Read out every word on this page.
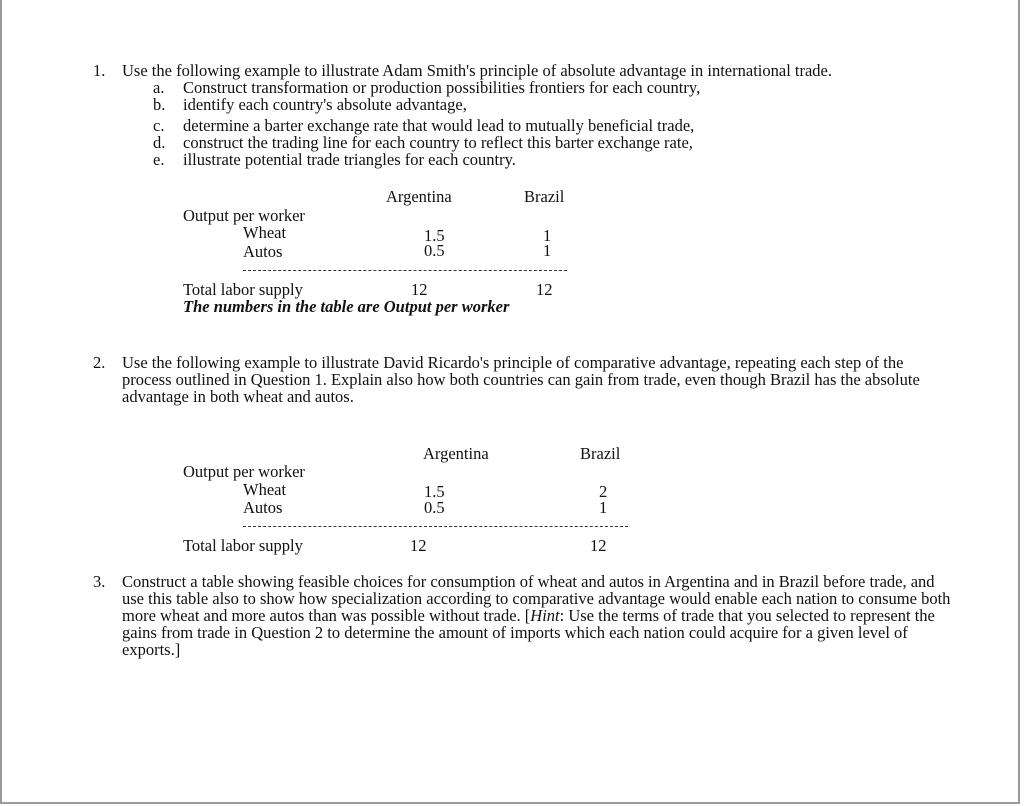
1. Use the following example to illustrate Adam Smith's principle of absolute advantage in international trade.
a. Construct transformation or production possibilities frontiers for each country,
b. identify each country's absolute advantage,
c. determine a barter exchange rate that would lead to mutually beneficial trade,
d. construct the trading line for each country to reflect this barter exchange rate,
e. illustrate potential trade triangles for each country.
Argentina	Brazil
Output per worker
Wheat	1.5	1
Autos	0.5	1
Total labor supply	12	12
The numbers in the table are Output per worker
2. Use the following example to illustrate David Ricardo's principle of comparative advantage, repeating each step of the process outlined in Question 1. Explain also how both countries can gain from trade, even though Brazil has the absolute advantage in both wheat and autos.
Argentina	Brazil
Output per worker
Wheat	1.5	2
Autos	0.5	1
Total labor supply	12	12
3. Construct a table showing feasible choices for consumption of wheat and autos in Argentina and in Brazil before trade, and use this table also to show how specialization according to comparative advantage would enable each nation to consume both more wheat and more autos than was possible without trade. [Hint: Use the terms of trade that you selected to represent the gains from trade in Question 2 to determine the amount of imports which each nation could acquire for a given level of exports.]
